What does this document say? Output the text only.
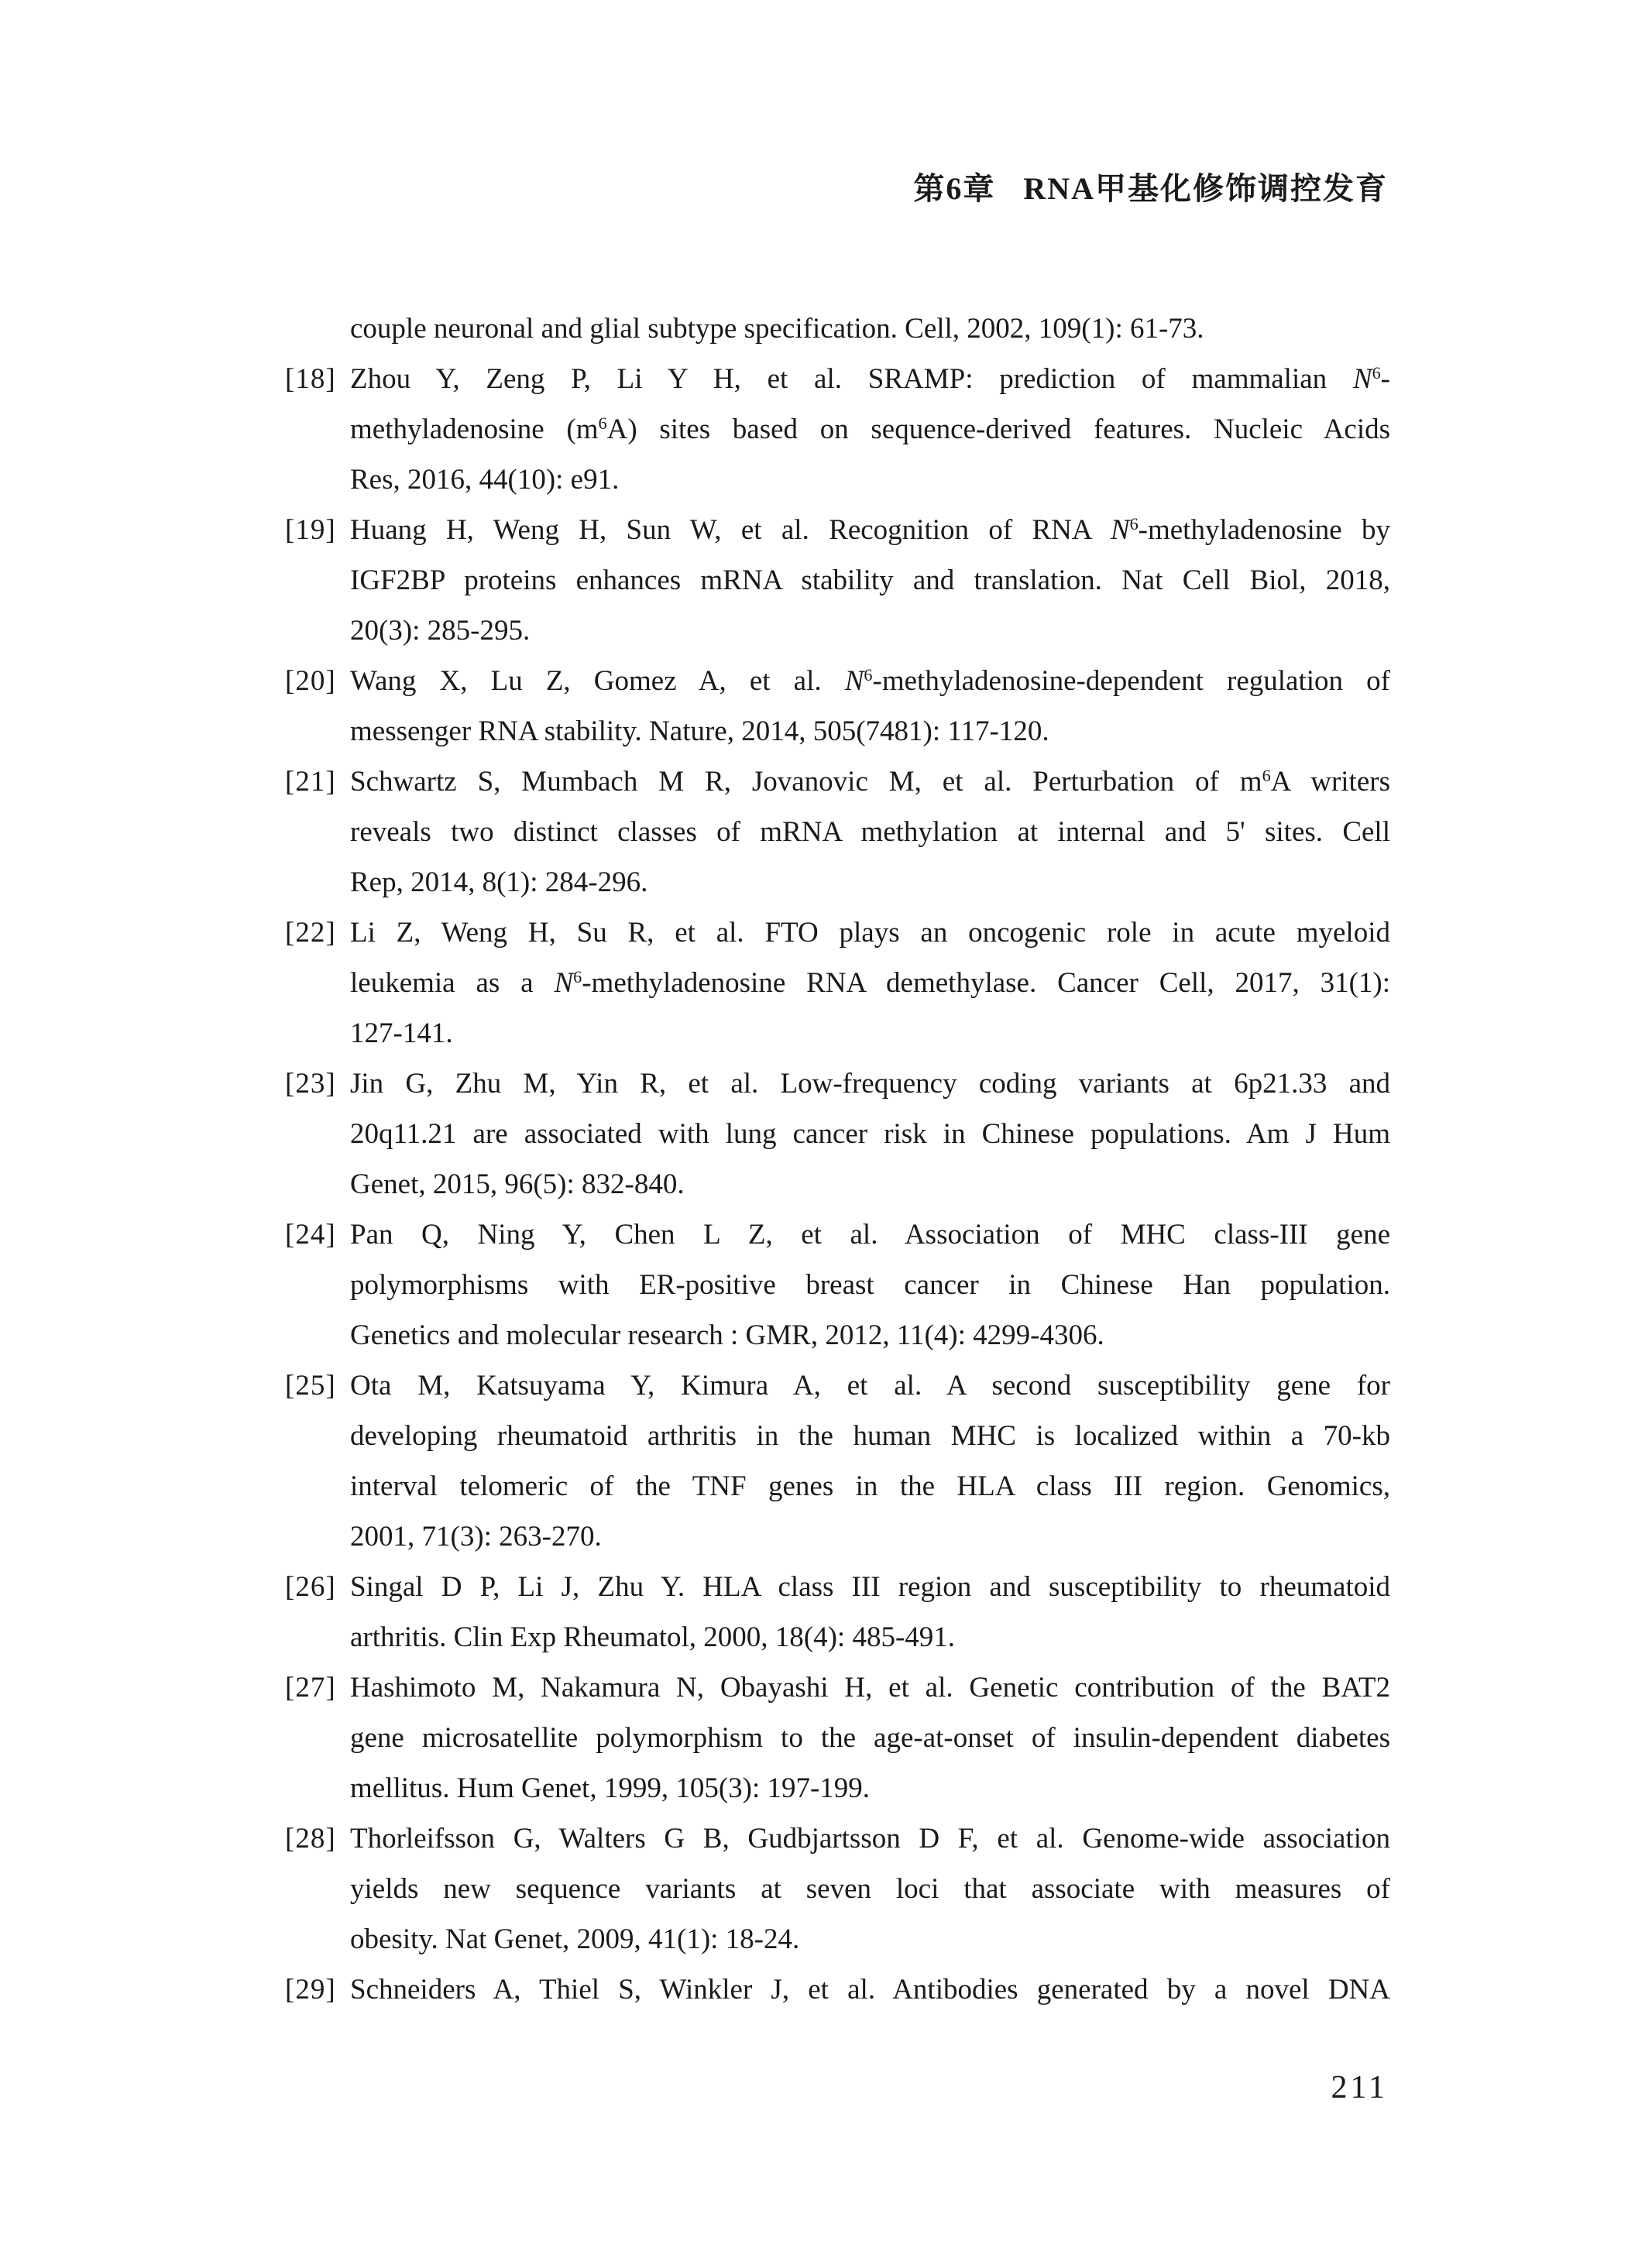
第6章 RNA甲基化修饰调控发育
couple neuronal and glial subtype specification. Cell, 2002, 109(1): 61-73.
[18] Zhou Y, Zeng P, Li Y H, et al. SRAMP: prediction of mammalian $N^6-$
methyladenosine $(m^6A)$ sites based on sequence-derived features. Nucleic Acids
Res, 2016, 44(10): e91.
[19] Huang H, Weng H, Sun W, et al. Recognition of RNA $N^6$-methyladenosine by
IGF2BP proteins enhances mRNA stability and translation. Nat Cell Biol, 2018,
20(3): 285-295.
[20] Wang X, Lu Z, Gomez A, et al. $N^6-methyladenosine$-dependent regulation of
messenger RNA stability. Nature, 2014, 505(7481): 117-120.
[21] Schwartz S, Mumbach M R, Jovanovic M, et al. Perturbation of $m^6A$ writers
reveals two distinct classes of mRNA methylation at internal and 5' sites. Cell
Rep, 2014, 8(1): 284-296.
[22] Li Z, Weng H, Su R, et al. FTO plays an oncogenic role in acute myeloid
leukemia as a $N^6$-methyladenosine RNA demethylase. Cancer Cell, 2017, 31(1):
127-141.
[23] Jin G, Zhu M, Yin R, et al. Low-frequency coding variants at 6p21.33 and
20q11.21 are associated with lung cancer risk in Chinese populations. Am J Hum
Genet, 2015, 96(5): 832-840.
[24] Pan Q, Ning Y, Chen L Z, et al. Association of MHC class-III gene
polymorphisms with ER-positive breast cancer in Chinese Han population.
Genetics and molecular research : GMR, 2012, 11(4): 4299-4306.
[25] Ota M, Katsuyama Y, Kimura A, et al. A second susceptibility gene for
developing rheumatoid arthritis in the human MHC is localized within a 70-kb
interval telomeric of the TNF genes in the HLA class III region. Genomics,
2001, 71(3): 263-270.
[26] Singal D P, Li J, Zhu Y. HLA class III region and susceptibility to rheumatoid
arthritis. Clin Exp Rheumatol, 2000, 18(4): 485-491.
[27] Hashimoto M, Nakamura N, Obayashi H, et al. Genetic contribution of the BAT2
gene microsatellite polymorphism to the age-at-onset of insulin-dependent diabetes
mellitus. Hum Genet, 1999, 105(3): 197-199.
[28] Thorleifsson G, Walters G B, Gudbjartsson D F, et al. Genome-wide association
yields new sequence variants at seven loci that associate with measures of
obesity. Nat Genet, 2009, 41(1): 18-24.
[29] Schneiders A, Thiel S, Winkler J, et al. Antibodies generated by a novel DNA
211
